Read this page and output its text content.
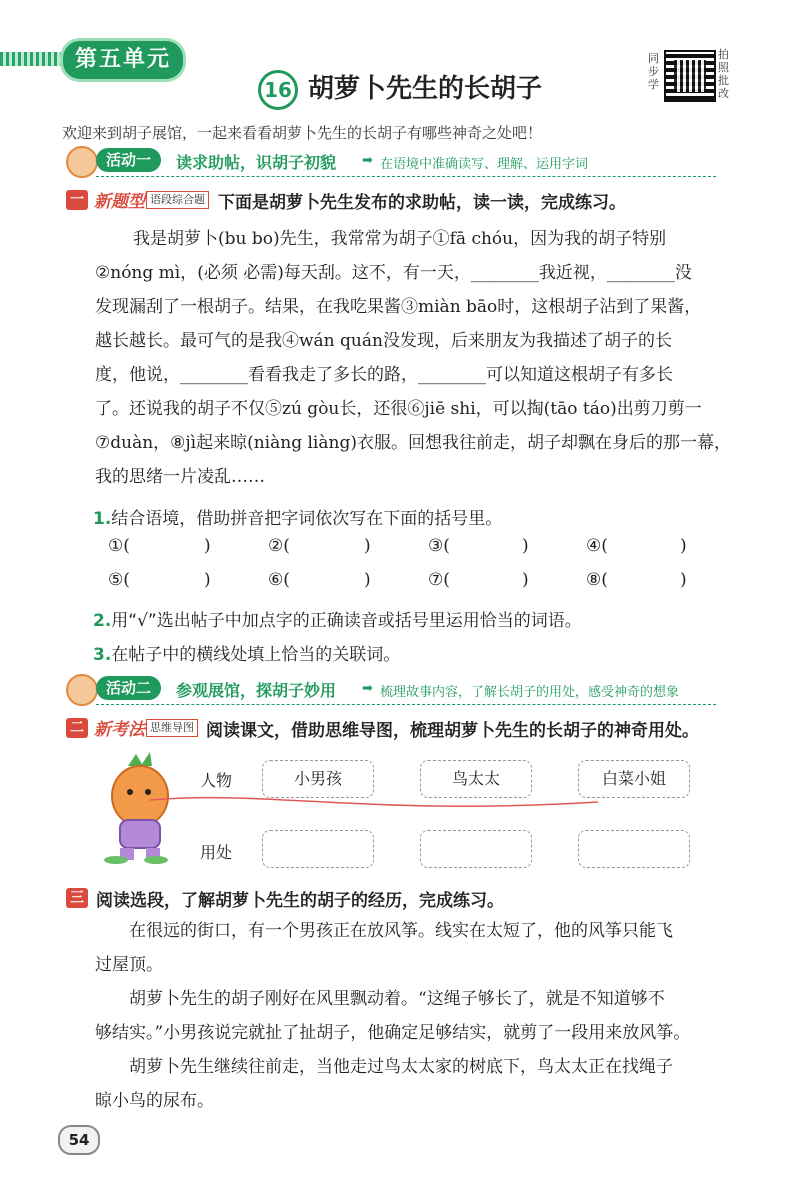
第五单元
16 胡萝卜先生的长胡子
同步学
拍照批改
欢迎来到胡子展馆，一起来看看胡萝卜先生的长胡子有哪些神奇之处吧！
活动一	读求助帖，识胡子初貌 ➡ 在语境中准确读写、理解、运用字词
一 新题型 语段综合题 下面是胡萝卜先生发布的求助帖，读一读，完成练习。
我是胡萝卜(bu bo)先生，我常常为胡子①fā chóu，因为我的胡子特别
②nóng mì，(必须 必需)每天刮。这不，有一天，________我近视，________没
发现漏刮了一根胡子。结果，在我吃果酱③miàn bāo时，这根胡子沾到了果酱，
越长越长。最可气的是我④wán quán没发现，后来朋友为我描述了胡子的长
度，他说，________看看我走了多长的路，________可以知道这根胡子有多长
了。还说我的胡子不仅⑤zú gòu长，还很⑥jiē shi，可以掏(tāo táo)出剪刀剪一
⑦duàn，⑧jì起来晾(niàng liàng)衣服。回想我往前走，胡子却飘在身后的那一幕，
我的思绪一片凌乱……
1.结合语境，借助拼音把字词依次写在下面的括号里。
①(	)	②(	)	③(	)	④(	)
⑤(	)	⑥(	)	⑦(	)	⑧(	)
2.用“√”选出帖子中加点字的正确读音或括号里运用恰当的词语。
3.在帖子中的横线处填上恰当的关联词。
活动二	参观展馆，探胡子妙用 ➡ 梳理故事内容，了解长胡子的用处，感受神奇的想象
二 新考法 思维导图 阅读课文，借助思维导图，梳理胡萝卜先生的长胡子的神奇用处。
人物
用处
小男孩	鸟太太	白菜小姐
三 阅读选段，了解胡萝卜先生的胡子的经历，完成练习。
在很远的街口，有一个男孩正在放风筝。线实在太短了，他的风筝只能飞
过屋顶。
胡萝卜先生的胡子刚好在风里飘动着。“这绳子够长了，就是不知道够不
够结实。”小男孩说完就扯了扯胡子，他确定足够结实，就剪了一段用来放风筝。
胡萝卜先生继续往前走，当他走过鸟太太家的树底下，鸟太太正在找绳子
晾小鸟的尿布。
54
